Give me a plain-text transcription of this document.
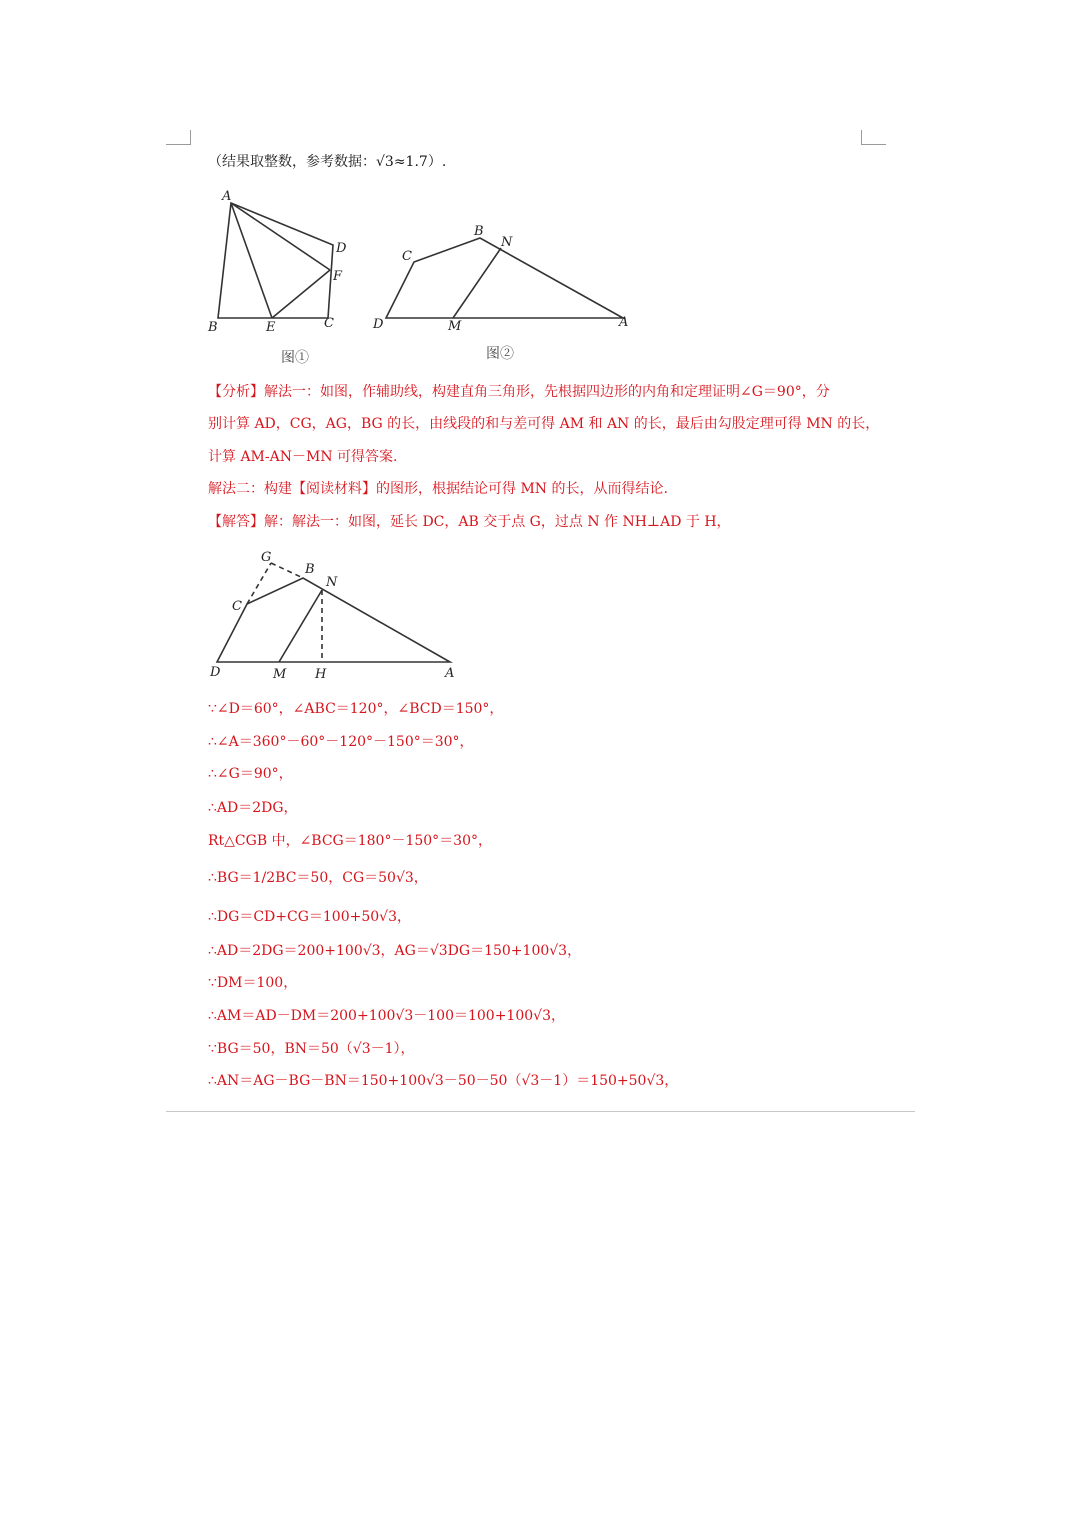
（结果取整数，参考数据：√3≈1.7）.
A
B	C
D
E
F
图①
A
B
C
D	M
N
图②
【分析】解法一：如图，作辅助线，构建直角三角形，先根据四边形的内角和定理证明∠G＝90°，分
别计算 AD，CG，AG，BG 的长，由线段的和与差可得 AM 和 AN 的长，最后由勾股定理可得 MN 的长，
计算 AM-AN－MN 可得答案.
解法二：构建【阅读材料】的图形，根据结论可得 MN 的长，从而得结论.
【解答】解：解法一：如图，延长 DC，AB 交于点 G，过点 N 作 NH⊥AD 于 H，
A
B
C
D
G
H
M
N
∵∠D＝60°，∠ABC＝120°，∠BCD＝150°，
∴∠A＝360°－60°－120°－150°＝30°，
∴∠G＝90°，
∴AD＝2DG，
Rt△CGB 中，∠BCG＝180°－150°＝30°，
∴BG＝1/2BC＝50，CG＝50√3，
∴DG＝CD+CG＝100+50√3，
∴AD＝2DG＝200+100√3，AG＝√3DG＝150+100√3，
∵DM＝100，
∴AM＝AD－DM＝200+100√3－100＝100+100√3，
∵BG＝50，BN＝50（√3－1），
∴AN＝AG－BG－BN＝150+100√3－50－50（√3－1）＝150+50√3，
